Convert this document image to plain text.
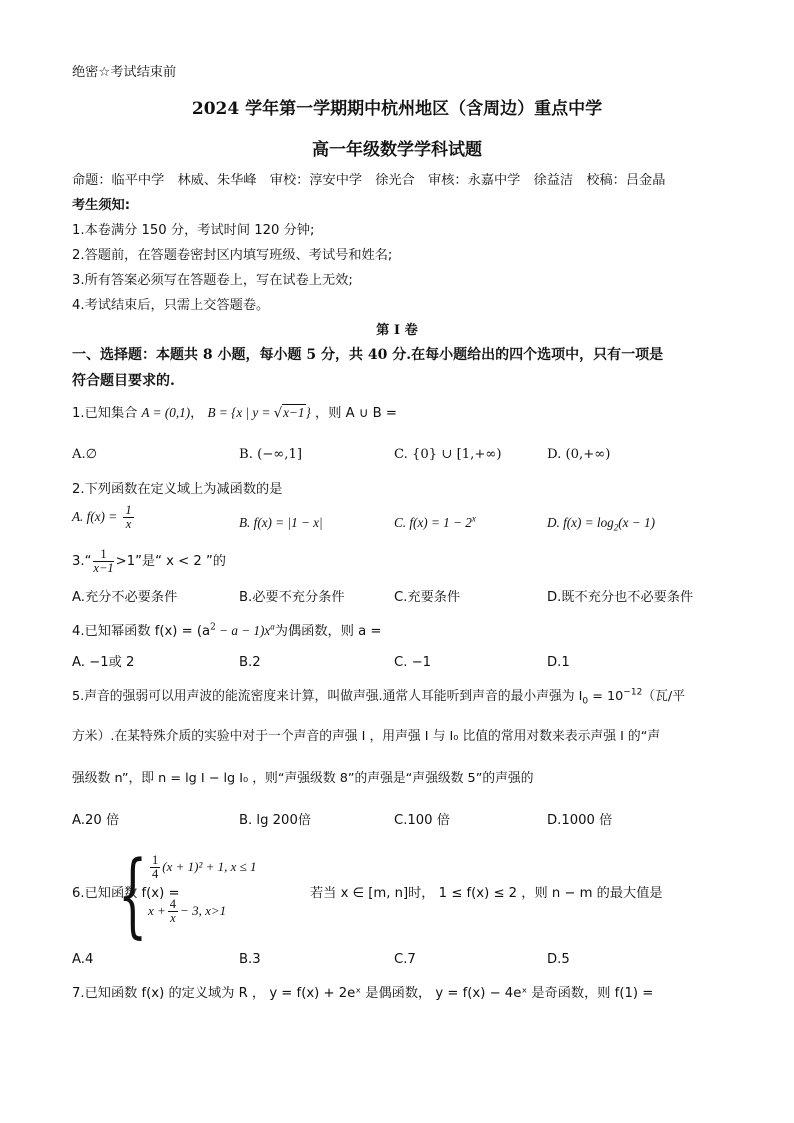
绝密☆考试结束前
2024 学年第一学期期中杭州地区（含周边）重点中学
高一年级数学学科试题
命题：临平中学　林威、朱华峰　审校：淳安中学　徐光合　审核：永嘉中学　徐益洁　校稿：吕金晶
考生须知:
1.本卷满分 150 分，考试时间 120 分钟;
2.答题前，在答题卷密封区内填写班级、考试号和姓名;
3.所有答案必须写在答题卷上，写在试卷上无效;
4.考试结束后，只需上交答题卷。
第 I 卷
一、选择题：本题共 8 小题，每小题 5 分，共 40 分.在每小题给出的四个选项中，只有一项是
符合题目要求的.
1.已知集合 A = (0,1)， B = {x | y = √x−1} ，则 A ∪ B =
A.∅	B. (−∞,1]	C. {0} ∪ [1,+∞)	D. (0,+∞)
2.下列函数在定义域上为减函数的是
A. $f(x) = \frac{1}{x}$	B. f(x) = |1 − x|	C. $f(x) = 1 - 2^x$	D. $f(x) = \log_2(x - 1)$
3.“ $\frac{1}{x-1} >1$”是“ x < 2 ”的
A.充分不必要条件	B.必要不充分条件	C.充要条件	D.既不充分也不必要条件
4.已知幂函数 $f(x) = (a^2 - a - 1)x^a$为偶函数，则 a =
A. −1或 2	B.2	C. −1	D.1
5.声音的强弱可以用声波的能流密度来计算，叫做声强.通常人耳能听到声音的最小声强为 $I_0 = 10^{-12}$（瓦/平
方米）.在某特殊介质的实验中对于一个声音的声强 I ，用声强 I 与 I₀ 比值的常用对数来表示声强 I 的“声
强级数 n”，即 n = lg I − lg I₀ ，则“声强级数 8”的声强是“声强级数 5”的声强的
A.20 倍	B. lg 200倍	C.100 倍	D.1000 倍
6.已知函数 f(x) =
{ $\frac{1}{4} (x + 1)^2 + 1$, x ≤ 1
$x + \frac{4}{x} - 3$, x>1
若当 x ∈ [m, n]时， 1 ≤ f(x) ≤ 2 ，则 n − m 的最大值是
A.4	B.3	C.7	D.5
7.已知函数 f(x) 的定义域为 R ， y = f(x) + 2eˣ 是偶函数， y = f(x) − 4eˣ 是奇函数，则 f(1) =
